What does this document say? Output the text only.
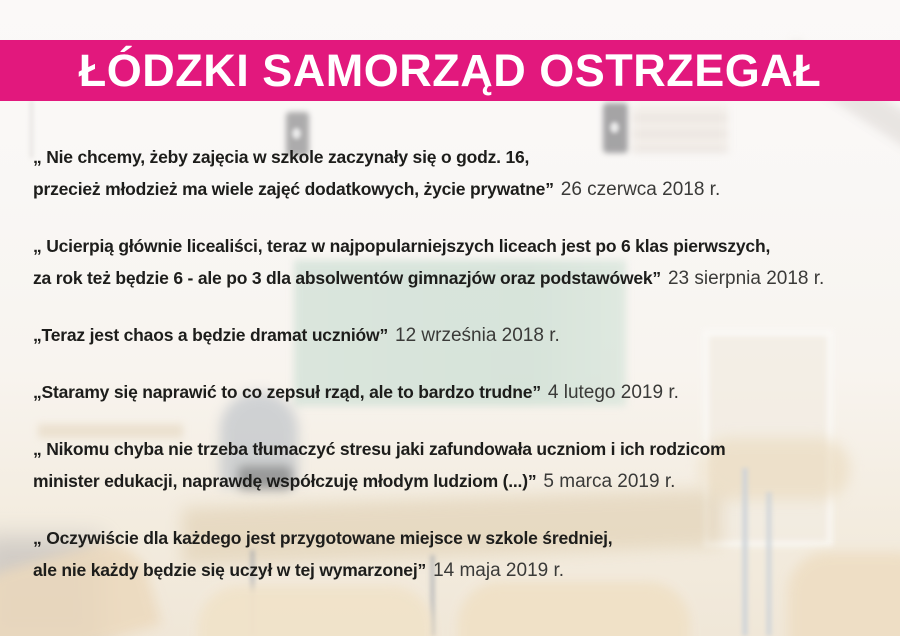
ŁÓDZKI SAMORZĄD OSTRZEGAŁ

„ Nie chcemy, żeby zajęcia w szkole zaczynały się o godz. 16,

przecież młodzież ma wiele zajęć dodatkowych, życie prywatne” 26 czerwca 2018 r.

„ Ucierpią głównie licealiści, teraz w najpopularniejszych liceach jest po 6 klas pierwszych,

za rok też będzie 6 - ale po 3 dla absolwentów gimnazjów oraz podstawówek” 23 sierpnia 2018 r.

„Teraz jest chaos a będzie dramat uczniów” 12 września 2018 r.

„Staramy się naprawić to co zepsuł rząd, ale to bardzo trudne” 4 lutego 2019 r.

„ Nikomu chyba nie trzeba tłumaczyć stresu jaki zafundowała uczniom i ich rodzicom

minister edukacji, naprawdę współczuję młodym ludziom (...)” 5 marca 2019 r.

„ Oczywiście dla każdego jest przygotowane miejsce w szkole średniej,

ale nie każdy będzie się uczył w tej wymarzonej” 14 maja 2019 r.
